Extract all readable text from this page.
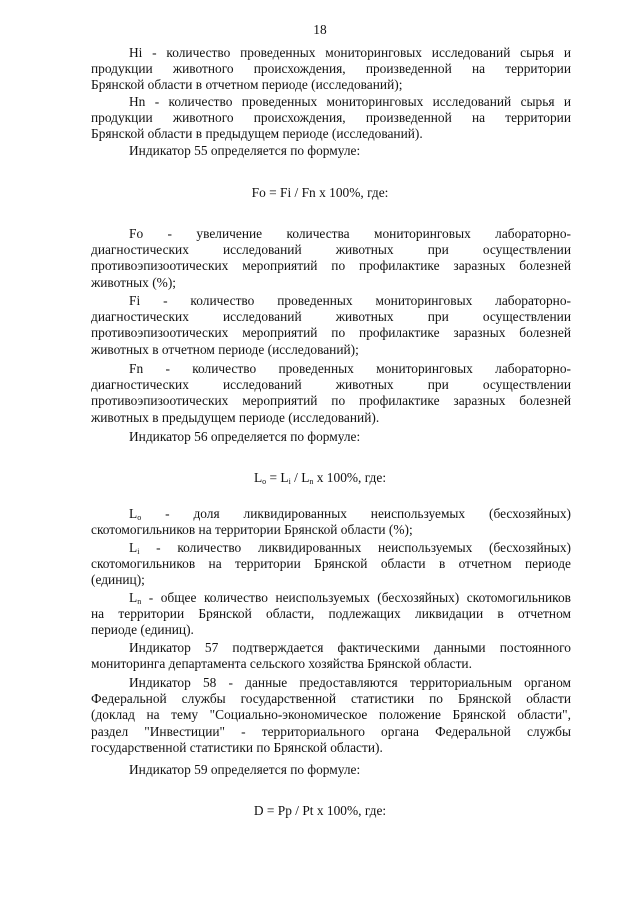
18
Hi - количество проведенных мониторинговых исследований сырья и
продукции животного происхождения, произведенной на территории
Брянской области в отчетном периоде (исследований);
Hn - количество проведенных мониторинговых исследований сырья и
продукции животного происхождения, произведенной на территории
Брянской области в предыдущем периоде (исследований).
Индикатор 55 определяется по формуле:
Fo = Fi / Fn x 100%, где:
Fo - увеличение количества мониторинговых лабораторно-
диагностических исследований животных при осуществлении
противоэпизоотических мероприятий по профилактике заразных болезней
животных (%);
Fi - количество проведенных мониторинговых лабораторно-
диагностических исследований животных при осуществлении
противоэпизоотических мероприятий по профилактике заразных болезней
животных в отчетном периоде (исследований);
Fn - количество проведенных мониторинговых лабораторно-
диагностических исследований животных при осуществлении
противоэпизоотических мероприятий по профилактике заразных болезней
животных в предыдущем периоде (исследований).
Индикатор 56 определяется по формуле:
$L_o = L_i / L_n$ x 100%, где:
$L_o$ - доля ликвидированных неиспользуемых (бесхозяйных)
скотомогильников на территории Брянской области (%);
$L_i$ - количество ликвидированных неиспользуемых (бесхозяйных)
скотомогильников на территории Брянской области в отчетном периоде
(единиц);
$L_n$ - общее количество неиспользуемых (бесхозяйных) скотомогильников
на территории Брянской области, подлежащих ликвидации в отчетном
периоде (единиц).
Индикатор 57 подтверждается фактическими данными постоянного
мониторинга департамента сельского хозяйства Брянской области.
Индикатор 58 - данные предоставляются территориальным органом
Федеральной службы государственной статистики по Брянской области
(доклад на тему "Социально-экономическое положение Брянской области",
раздел "Инвестиции" - территориального органа Федеральной службы
государственной статистики по Брянской области).
Индикатор 59 определяется по формуле:
D = Pp / Pt x 100%, где:
